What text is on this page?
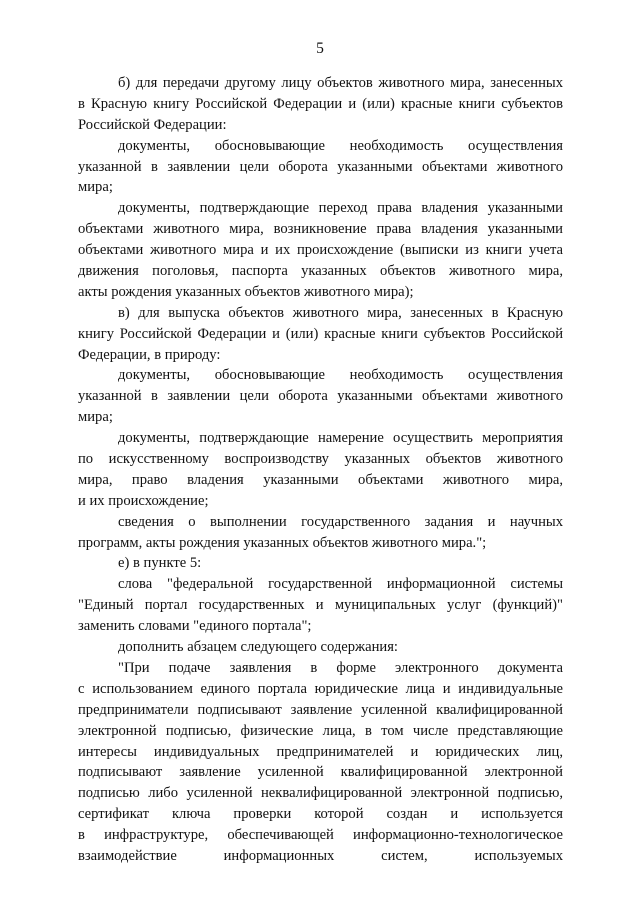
5
б) для передачи другому лицу объектов животного мира, занесенных
в Красную книгу Российской Федерации и (или) красные книги субъектов
Российской Федерации:
документы, обосновывающие необходимость осуществления
указанной в заявлении цели оборота указанными объектами животного
мира;
документы, подтверждающие переход права владения указанными
объектами животного мира, возникновение права владения указанными
объектами животного мира и их происхождение (выписки из книги учета
движения поголовья, паспорта указанных объектов животного мира,
акты рождения указанных объектов животного мира);
в) для выпуска объектов животного мира, занесенных в Красную
книгу Российской Федерации и (или) красные книги субъектов Российской
Федерации, в природу:
документы, обосновывающие необходимость осуществления
указанной в заявлении цели оборота указанными объектами животного
мира;
документы, подтверждающие намерение осуществить мероприятия
по искусственному воспроизводству указанных объектов животного
мира, право владения указанными объектами животного мира,
и их происхождение;
сведения о выполнении государственного задания и научных
программ, акты рождения указанных объектов животного мира.";
е) в пункте 5:
слова "федеральной государственной информационной системы
"Единый портал государственных и муниципальных услуг (функций)"
заменить словами "единого портала";
дополнить абзацем следующего содержания:
"При подаче заявления в форме электронного документа
с использованием единого портала юридические лица и индивидуальные
предприниматели подписывают заявление усиленной квалифицированной
электронной подписью, физические лица, в том числе представляющие
интересы индивидуальных предпринимателей и юридических лиц,
подписывают заявление усиленной квалифицированной электронной
подписью либо усиленной неквалифицированной электронной подписью,
сертификат ключа проверки которой создан и используется
в инфраструктуре, обеспечивающей информационно-технологическое
взаимодействие информационных систем, используемых
